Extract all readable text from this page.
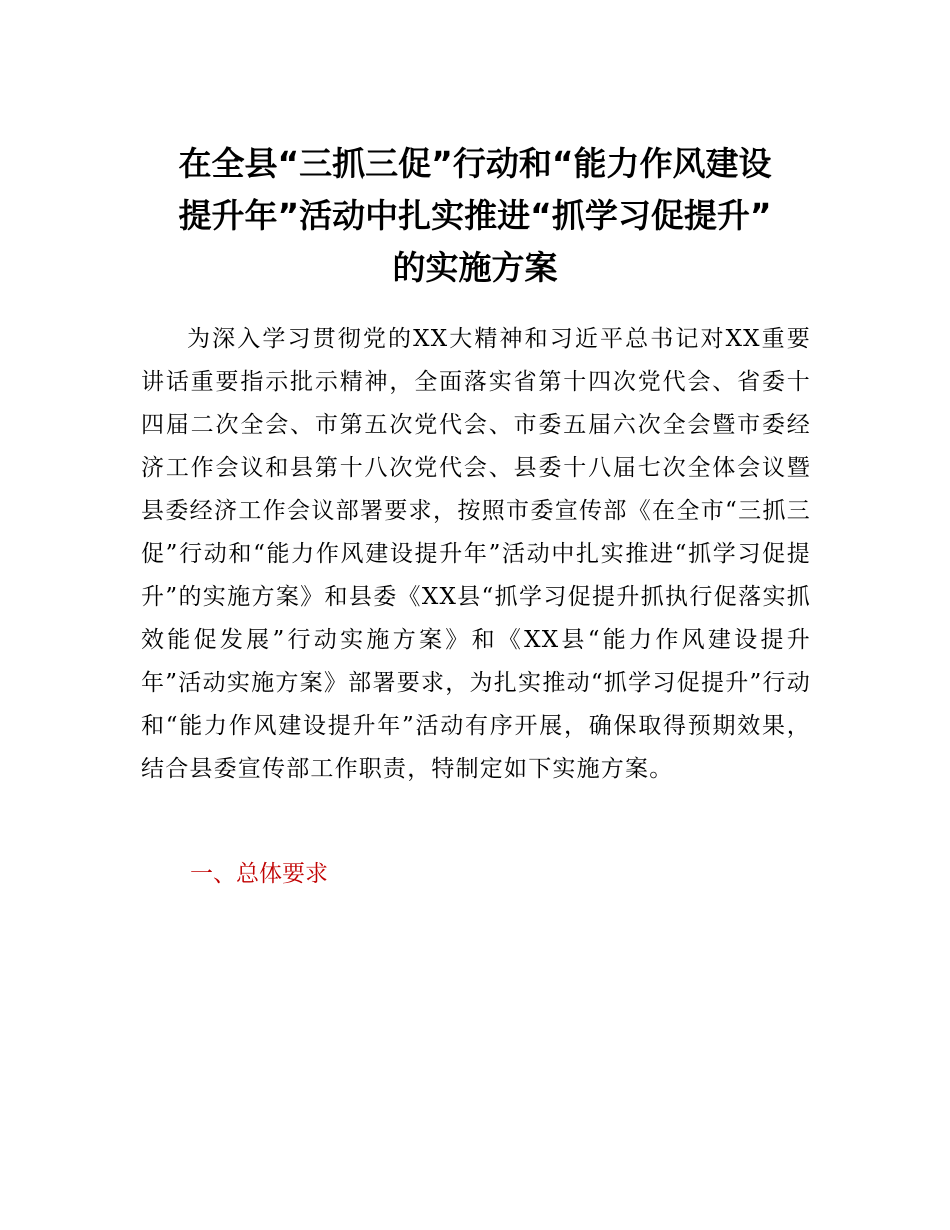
在全县“三抓三促”行动和“能力作风建设
提升年”活动中扎实推进“抓学习促提升”
的实施方案

为深入学习贯彻党的XX大精神和习近平总书记对XX重要讲话重要指示批示精神，全面落实省第十四次党代会、省委十四届二次全会、市第五次党代会、市委五届六次全会暨市委经济工作会议和县第十八次党代会、县委十八届七次全体会议暨县委经济工作会议部署要求，按照市委宣传部《在全市“三抓三促”行动和“能力作风建设提升年”活动中扎实推进“抓学习促提升”的实施方案》和县委《XX县“抓学习促提升抓执行促落实抓效能促发展”行动实施方案》和《XX县“能力作风建设提升年”活动实施方案》部署要求，为扎实推动“抓学习促提升”行动和“能力作风建设提升年”活动有序开展，确保取得预期效果，结合县委宣传部工作职责，特制定如下实施方案。

一、总体要求
